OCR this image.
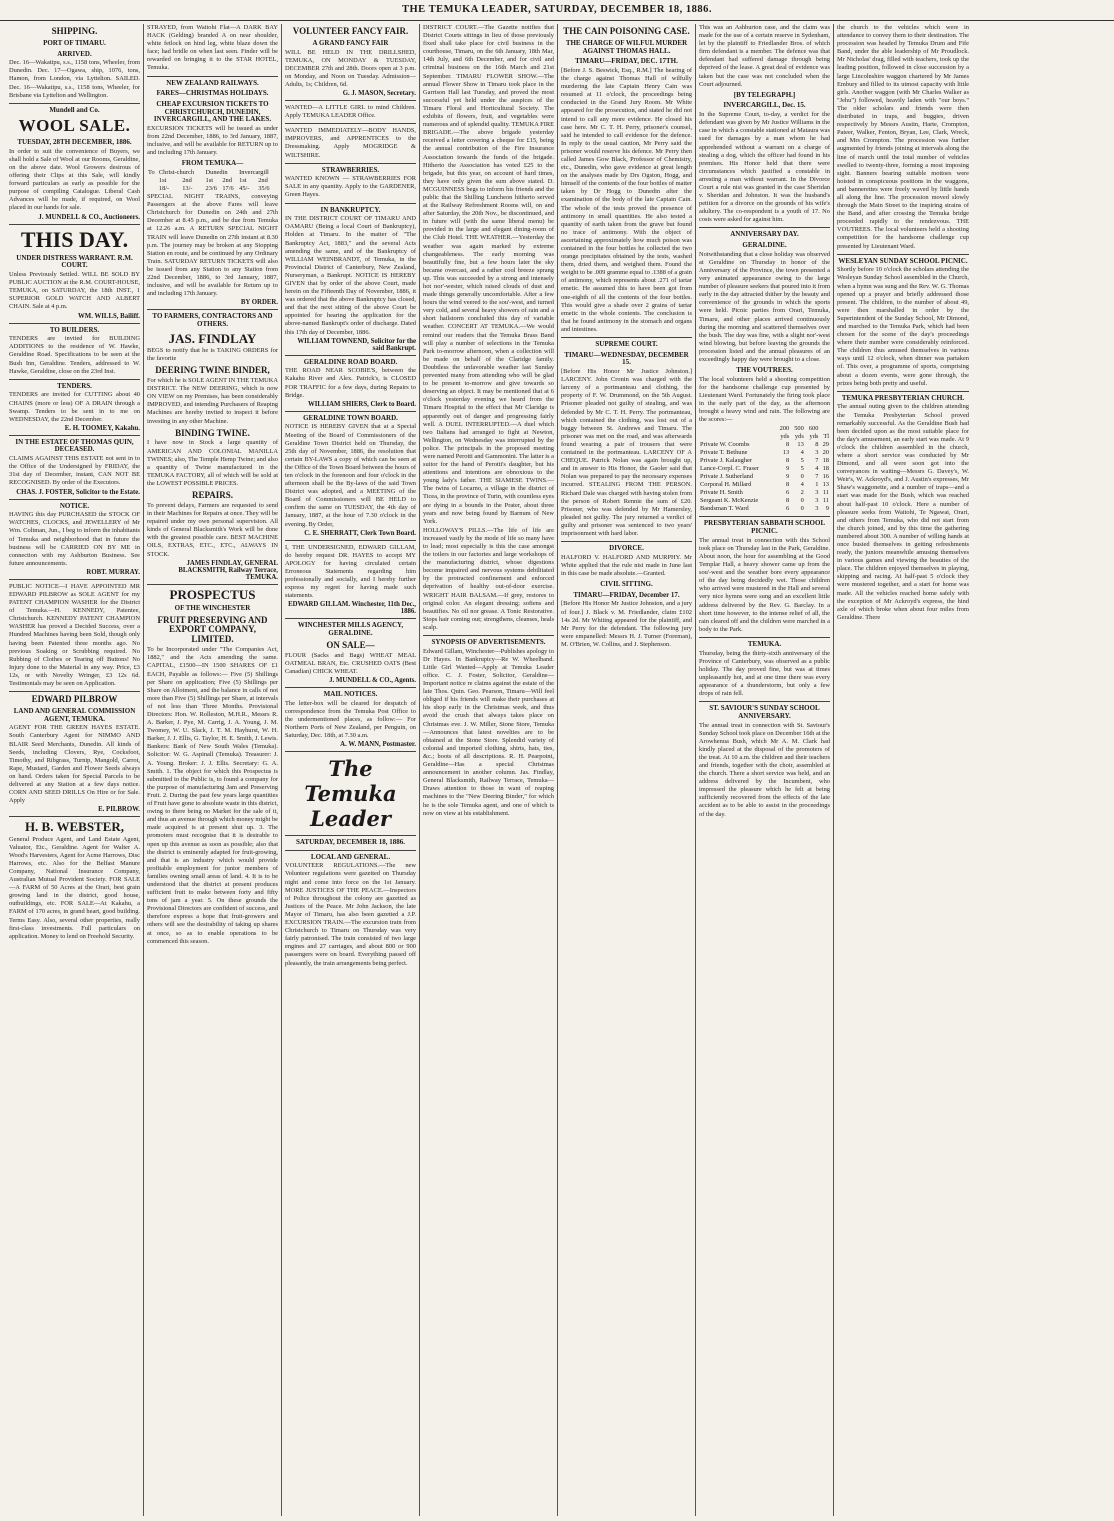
THE TEMUKA LEADER, SATURDAY, DECEMBER 18, 1886.
SHIPPING.
PORT OF TIMARU.
ARRIVED.

Dec. 16—Wakatipu, s.s., 1158 tons, Wheeler, from Dunedin. Dec. 17—Ogawa, ship, 1076, tons, Hamon, from London, via Lyttelton. SAILED. Dec. 16—Wakatipu, s.s., 1158 tons, Wheeler, for Brisbane via Lyttelton and Wellington.

Mundell and Co.
WOOL SALE.
TUESDAY, 28TH DECEMBER, 1886.

In order to suit the convenience of Buyers, we shall hold a Sale of Wool at our Rooms, Geraldine, on the above date. Wool Growers desirous of offering their Clips at this Sale, will kindly forward particulars as early as possible for the purpose of compiling Catalogue. Liberal Cash Advances will be made, if required, on Wool placed in our hands for sale.

J. MUNDELL & CO., Auctioneers.
THIS DAY.
UNDER DISTRESS WARRANT. R.M. COURT.

Unless Previously Settled. WILL BE SOLD BY PUBLIC AUCTION at the R.M. COURT-HOUSE, TEMUKA, on SATURDAY, the 18th INST., 1 SUPERIOR GOLD WATCH AND ALBERT CHAIN. Sale at 4 p.m.

WM. WILLS, Bailiff.
TO BUILDERS.

TENDERS are invited for BUILDING ADDITIONS to the residence of W. Hawke, Geraldine Road. Specifications to be seen at the Bush Inn, Geraldine. Tenders, addressed to W. Hawke, Geraldine, close on the 23rd Inst.

TENDERS.

TENDERS are invited for CUTTING about 40 CHAINS (more or less) OF A DRAIN through a Swamp. Tenders to be sent in to me on WEDNESDAY, the 22nd December.

E. H. TOOMEY, Kakahu.
IN THE ESTATE OF THOMAS QUIN, DECEASED.

CLAIMS AGAINST THIS ESTATE not sent in to the Office of the Undersigned by FRIDAY, the 31st day of December, instant, CAN NOT BE RECOGNISED. By order of the Executors.

CHAS. J. FOSTER, Solicitor to the Estate.
NOTICE.

HAVING this day PURCHASED the STOCK OF WATCHES, CLOCKS, and JEWELLERY of Mr Wm. Coltman, Jun., I beg to inform the inhabitants of Temuka and neighborhood that in future the business will be CARRIED ON BY ME in connection with my Ashburton Business. See future announcements.

ROBT. MURRAY.

PUBLIC NOTICE—I HAVE APPOINTED MR EDWARD PILBROW as SOLE AGENT for my PATENT CHAMPION WASHER for the District of Temuka.—H. KENNEDY, Patentee, Christchurch. KENNEDY PATENT CHAMPION WASHER has proved a Decided Success, over a Hundred Machines having been Sold, though only having been Patented three months ago. No previous Soaking or Scrubbing required. No Rubbing of Clothes or Tearing off Buttons! No Injury done to the Material in any way. Price, £3 12s, or with Novelty Wringer, £3 12s 6d. Testimonials may be seen on Application.

EDWARD PILBROW
LAND AND GENERAL COMMISSION AGENT, TEMUKA.

AGENT FOR THE GREEN HAYES ESTATE. South Canterbury Agent for NIMMO AND BLAIR Seed Merchants, Dunedin. All kinds of Seeds, including Clovers, Rye, Cocksfoot, Timothy, and Ribgrass, Turnip, Mangold, Carrot, Rape, Mustard, Garden and Flower Seeds always on hand. Orders taken for Special Parcels to be delivered at any Station at a few days notice. CORN AND SEED DRILLS On Hire or for Sale. Apply

E. PILBROW.
H. B. WEBSTER,

General Produce Agent, and Land Estate Agent, Valuator, Etc., Geraldine. Agent for Walter A. Wood's Harvesters, Agent for Acme Harrows, Disc Harrows, etc. Also for the Belfast Manure Company, National Insurance Company, Australian Mutual Provident Society. FOR SALE—A FARM of 50 Acres at the Orari, best grain growing land in the district, good house, outbuildings, etc. FOR SALE—At Kakahu, a FARM of 170 acres, in grand heart, good building. Terms Easy. Also, several other properties, really first-class investments. Full particulars on application. Money to lend on Freehold Security.

STRAYED, from Waitohi Flat—A DARK BAY HACK (Gelding) branded A on near shoulder, white fetlock on hind leg, white blaze down the face; had bridle on when last seen. Finder will be rewarded on bringing it to the STAR HOTEL, Temuka.

NEW ZEALAND RAILWAYS.
FARES—CHRISTMAS HOLIDAYS.
CHEAP EXCURSION TICKETS TO CHRISTCHURCH, DUNEDIN, INVERCARGILL, AND THE LAKES.

EXCURSION TICKETS will be issued as under from 22nd December, 1886, to 3rd January, 1887, inclusive, and will be available for RETURN up to and including 17th January.

FROM TEMUKA—
To	Christ-church		Dunedin		Invercargill	
	1st	2nd	1st	2nd	1st	2nd
	18/-	13/-	23/6	17/6	45/-	35/6

SPECIAL NIGHT TRAINS, conveying Passengers at the above Fares will leave Christchurch for Dunedin on 24th and 27th December at 8.45 p.m., and be due from Temuka at 12.26 a.m. A RETURN SPECIAL NIGHT TRAIN will leave Dunedin on 27th instant at 8.30 p.m. The journey may be broken at any Stopping Station en route, and be continued by any Ordinary Train. SATURDAY RETURN TICKETS will also be issued from any Station to any Station from 22nd December, 1886, to 3rd January, 1887, inclusive, and will be available for Return up to and including 17th January.

BY ORDER.
TO FARMERS, CONTRACTORS AND OTHERS.
JAS. FINDLAY

BEGS to notify that he is TAKING ORDERS for the favorite

DEERING TWINE BINDER,

For which he is SOLE AGENT IN THE TEMUKA DISTRICT. The NEW DEERING, which is now ON VIEW on my Premises, has been considerably IMPROVED, and intending Purchasers of Reaping Machines are hereby invited to inspect it before investing in any other Machine.

BINDING TWINE.

I have now in Stock a large quantity of AMERICAN AND COLONIAL MANILLA TWINES; also, The Temple Hemp Twine; and also a quantity of Twine manufactured in the TEMUKA FACTORY, all of which will be sold at the LOWEST POSSIBLE PRICES.

REPAIRS.

To prevent delays, Farmers are requested to send in their Machines for Repairs at once. They will be repaired under my own personal supervision. All kinds of General Blacksmith's Work will be done with the greatest possible care. BEST MACHINE OILS, EXTRAS, ETC., ETC., ALWAYS IN STOCK.

JAMES FINDLAY, GENERAL BLACKSMITH, Railway Terrace, TEMUKA.
PROSPECTUS
OF THE WINCHESTER
FRUIT PRESERVING AND EXPORT COMPANY, LIMITED.

To be Incorporated under "The Companies Act, 1882," and the Acts amending the same. CAPITAL, £1500—IN 1500 SHARES OF £1 EACH, Payable as follows:— Five (5) Shillings per Share on application; Five (5) Shillings per Share on Allotment, and the balance in calls of not more than Five (5) Shillings per Share, at intervals of not less than Three Months. Provisional Directors: Hon. W. Rolleston, M.H.R., Messrs R. A. Barker, J. Pye, M. Carrig, J. A. Young, J. M. Twomey, W. U. Slack, J. T. M. Hayhurst, W. H. Barker, J. J. Ellis, G. Taylor, H. E. Smith, J. Lewis. Bankers: Bank of New South Wales (Temuka). Solicitor: W. G. Aspinall (Temuka). Treasurer: J. A. Young. Broker: J. J. Ellis. Secretary: G. A. Smith. 1. The object for which this Prospectus is submitted to the Public is, to found a company for the purpose of manufacturing Jam and Preserving Fruit. 2. During the past few years large quantities of Fruit have gone to absolute waste in this district, owing to there being no Market for the sale of it, and thus an avenue through which money might be made acquired is at present shut up. 3. The promoters must recognise that it is desirable to open up this avenue as soon as possible; also that the district is eminently adapted for fruit-growing, and that is an industry which would provide profitable employment for junior members of families owning small areas of land. 4. It is to be understood that the district at present produces sufficient fruit to make between forty and fifty tons of jam a year. 5. On these grounds the Provisional Directors are confident of success, and therefore express a hope that fruit-growers and others will see the desirability of taking up shares at once, so as to enable operations to be commenced this season.

VOLUNTEER FANCY FAIR.
A GRAND FANCY FAIR

WILL BE HELD IN THE DRILLSHED, TEMUKA, ON MONDAY & TUESDAY, DECEMBER 27th and 28th. Doors open at 3 p.m. on Monday, and Noon on Tuesday. Admission—Adults, 1s; Children, 6d.

G. J. MASON, Secretary.

WANTED—A LITTLE GIRL to mind Children. Apply TEMUKA LEADER Office.

WANTED IMMEDIATELY—BODY HANDS, IMPROVERS, and APPRENTICES to the Dressmaking. Apply MOGRIDGE & WILTSHIRE.

STRAWBERRIES.

WANTED KNOWN — STRAWBERRIES FOR SALE in any quantity. Apply to the GARDENER, Green Hayes.

IN BANKRUPTCY.

IN THE DISTRICT COURT OF TIMARU AND OAMARU (Being a local Court of Bankruptcy), Holden at Timaru. In the matter of "The Bankruptcy Act, 1883," and the several Acts amending the same, and of the Bankruptcy of WILLIAM WEINBRANDT, of Temuka, in the Provincial District of Canterbury, New Zealand, Nurseryman, a Bankrupt. NOTICE IS HEREBY GIVEN that by order of the above Court, made herein on the Fifteenth Day of November, 1886, it was ordered that the above Bankruptcy has closed, and that the next sitting of the above Court be appointed for hearing the application for the above-named Bankrupt's order of discharge. Dated this 17th day of December, 1886.

WILLIAM TOWNEND, Solicitor for the said Bankrupt.
GERALDINE ROAD BOARD.

THE ROAD NEAR SCOBIE'S, between the Kakahu River and Alex. Patrick's, is CLOSED FOR TRAFFIC for a few days, during Repairs to Bridge.

WILLIAM SHIERS, Clerk to Board.
GERALDINE TOWN BOARD.

NOTICE IS HEREBY GIVEN that at a Special Meeting of the Board of Commissioners of the Geraldine Town District held on Thursday, the 25th day of November, 1886, the resolution that certain BY-LAWS a copy of which can be seen at the Office of the Town Board between the hours of ten o'clock in the forenoon and four o'clock in the afternoon shall be the By-laws of the said Town District was adopted, and a MEETING of the Board of Commissioners will BE HELD to confirm the same on TUESDAY, the 4th day of January, 1887, at the hour of 7.30 o'clock in the evening. By Order,

C. E. SHERRATT, Clerk Town Board.

I, THE UNDERSIGNED, EDWARD GILLAM, do hereby request DR. HAYES to accept MY APOLOGY for having circulated certain Erroneous Statements regarding him professionally and socially, and I hereby further express my regret for having made such statements.

EDWARD GILLAM. Winchester, 11th Dec., 1886.
WINCHESTER MILLS AGENCY, GERALDINE.
ON SALE—

FLOUR (Sacks and Bags) WHEAT MEAL OATMEAL BRAN, Etc. CRUSHED OATS (Best Canadian) CHICK WHEAT.

J. MUNDELL & CO., Agents.
MAIL NOTICES.

The letter-box will be cleared for despatch of correspondence from the Temuka Post Office to the undermentioned places, as follow:— For Northern Ports of New Zealand, per Penguin, on Saturday, Dec. 18th, at 7.30 a.m.

A. W. MANN, Postmaster.
The Temuka Leader
SATURDAY, DECEMBER 18, 1886.
LOCAL AND GENERAL.

VOLUNTEER REGULATIONS.—The new Volunteer regulations were gazetted on Thursday night and come into force on the 1st January. MORE JUSTICES OF THE PEACE.—Inspectors of Police throughout the colony are gazetted as Justices of the Peace. Mr John Jackson, the late Mayor of Timaru, has also been gazetted a J.P. EXCURSION TRAIN.—The excursion train from Christchurch to Timaru on Thursday was very fairly patronised. The train consisted of two large engines and 27 carriages, and about 800 or 900 passengers were on board. Everything passed off pleasantly, the train arrangements being perfect.

DISTRICT COURT.—The Gazette notifies that District Courts sittings in lieu of those previously fixed shall take place for civil business in the courthouse, Timaru, on the 6th January, 18th Mar, 14th July, and 6th December, and for civil and criminal business on the 16th March and 21st September. TIMARU FLOWER SHOW.—The annual Flower Show in Timaru took place in the Garrison Hall last Tuesday, and proved the most successful yet held under the auspices of the Timaru Floral and Horticultural Society. The exhibits of flowers, fruit, and vegetables were numerous and of splendid quality. TEMUKA FIRE BRIGADE.—The above brigade yesterday received a letter covering a cheque for £15, being the annual contribution of the Fire Insurance Association towards the funds of the brigade. Hitherto the Association has voted £25 to the brigade, but this year, on account of hard times, they have only given the sum above stated. D. MCGUINNESS begs to inform his friends and the public that the Shilling Luncheon hitherto served at the Railway Refreshment Rooms will, on and after Saturday, the 20th Nov., be discontinued, and in future will (with the same liberal menu) be provided in the large and elegant dining-room of the Club Hotel. THE WEATHER.—Yesterday the weather was again marked by extreme changeableness. The early morning was beautifully fine, but a few hours later the sky became overcast, and a rather cool breeze sprang up. This was succeeded by a strong and intensely hot nor'-wester, which raised clouds of dust and made things generally uncomfortable. After a few hours the wind veered to the sou'-west, and turned very cold, and several heavy showers of rain and a short hailstorm concluded this day of variable weather. CONCERT AT TEMUKA.—We would remind our readers that the Temuka Brass Band will play a number of selections in the Temuka Park to-morrow afternoon, when a collection will be made on behalf of the Claridge family. Doubtless the unfavorable weather last Sunday prevented many from attending who will be glad to be present to-morrow and give towards so deserving an object. It may be mentioned that at 6 o'clock yesterday evening we heard from the Timaru Hospital to the effect that Mr Claridge is apparently out of danger and progressing fairly well. A DUEL INTERRUPTED.—A duel which two Italians had arranged to fight at Newton, Wellington, on Wednesday was interrupted by the police. The principals in the proposed meeting were named Perotti and Gammonini. The latter is a suitor for the hand of Perotti's daughter, but his attentions and intentions are obnoxious to the young lady's father. THE SIAMESE TWINS.—The twins of Locarno, a village in the district of Ticea, in the province of Turin, with countless eyes are dying in a bounds in the Prater, about three years and now being found by Barnum of New York.

HOLLOWAY'S PILLS.—The life of life are increased vastly by the mode of life so many have to lead; most especially is this the case amongst the toilers in our factories and large workshops of the manufacturing district, whose digestions become impaired and nervous systems debilitated by the protracted confinement and enforced deprivation of healthy out-of-door exercise. WRIGHT HAIR BALSAM.—If grey, restores to original color. An elegant dressing; softens and beautifies. No oil nor grease. A Tonic Restorative. Stops hair coming out; strengthens, cleanses, heals scalp.

SYNOPSIS OF ADVERTISEMENTS.

Edward Gillam, Winchester—Publishes apology to Dr Hayes. In Bankruptcy—Re W. Wheelband. Little Girl Wanted—Apply at Temuka Leader office. C. J. Foster, Solicitor, Geraldine—Important notice re claims against the estate of the late Thos. Quin. Geo. Pearson, Timaru—Will feel obliged if his friends will make their purchases at his shop early in the Christmas week, and thus avoid the crush that always takes place on Christmas eve. J. W. Miller, Stone Store, Temuka—Announces that latest novelties are to be obtained at the Stone Store. Splendid variety of colonial and imported clothing, shirts, hats, ties, &c.; boots of all descriptions. R. H. Pearpoint, Geraldine—Has a special Christmas announcement in another column. Jas. Findlay, General Blacksmith, Railway Terrace, Temuka—Draws attention to those in want of reaping machines to the "New Deering Binder," for which he is the sole Temuka agent, and one of which is now on view at his establishment.

THE CAIN POISONING CASE.
THE CHARGE OF WILFUL MURDER AGAINST THOMAS HALL.
TIMARU—FRIDAY, DEC. 17TH.

[Before J. S. Beswick, Esq., R.M.] The hearing of the charge against Thomas Hall of wilfully murdering the late Captain Henry Cain was resumed at 11 o'clock, the proceedings being conducted in the Grand Jury Room. Mr White appeared for the prosecution, and stated he did not intend to call any more evidence. He closed his case here. Mr C. T. H. Perry, prisoner's counsel, said he intended to call evidence for the defence. In reply to the usual caution, Mr Perry said the prisoner would reserve his defence. Mr Perry then called James Gow Black, Professor of Chemistry, etc., Dunedin, who gave evidence at great length on the analyses made by Drs Ogston, Hogg, and himself of the contents of the four bottles of matter taken by Dr Hogg to Dunedin after the examination of the body of the late Captain Cain. The whole of the tests proved the presence of antimony in small quantities. He also tested a quantity of earth taken from the grave but found no trace of antimony. With the object of ascertaining approximately how much poison was contained in the four bottles he collected the two orange precipitates obtained by the tests, washed them, dried them, and weighed them. Found the weight to be .009 gramme equal to .1388 of a grain of antimony, which represents about .271 of tartar emetic. He assumed this to have been got from one-eighth of all the contents of the four bottles. This would give a shade over 2 grains of tartar emetic in the whole contents. The conclusion is that he found antimony in the stomach and organs and intestines.

SUPREME COURT.
TIMARU—WEDNESDAY, DECEMBER 15.

[Before His Honor Mr Justice Johnston.] LARCENY. John Cronin was charged with the larceny of a portmanteau and clothing, the property of F. W. Drummond, on the 5th August. Prisoner pleaded not guilty of stealing, and was defended by Mr C. T. H. Perry. The portmanteau, which contained the clothing, was lost out of a buggy between St. Andrews and Timaru. The prisoner was met on the road, and was afterwards found wearing a pair of trousers that were contained in the portmanteau. LARCENY OF A CHEQUE. Patrick Nolan was again brought up, and in answer to His Honor, the Gaoler said that Nolan was prepared to pay the necessary expenses incurred. STEALING FROM THE PERSON. Richard Dale was charged with having stolen from the person of Robert Rennie the sum of £20. Prisoner, who was defended by Mr Hamersley, pleaded not guilty. The jury returned a verdict of guilty and prisoner was sentenced to two years' imprisonment with hard labor.

DIVORCE.

HALFORD V. HALFORD AND MURPHY. Mr White applied that the rule nisi made in June last in this case be made absolute.—Granted.

CIVIL SITTING.
TIMARU—FRIDAY, December 17.

[Before His Honor Mr Justice Johnston, and a jury of four.] J. Black v. M. Friedlander, claim £102 14s 2d. Mr Whiting appeared for the plaintiff, and Mr Perry for the defendant. The following jury were empanelled: Messrs H. J. Turner (Foreman), M. O'Brien, W. Collins, and J. Stephenson.

This was an Ashburton case, and the claim was made for the use of a certain reserve in Sydenham, let by the plaintiff to Friedlander Bros. of which firm defendant is a member. The defence was that defendant had suffered damage through being deprived of the lease. A great deal of evidence was taken but the case was not concluded when the Court adjourned.

[BY TELEGRAPH.]
INVERCARGILL, Dec. 15.

In the Supreme Court, to-day, a verdict for the defendant was given by Mr Justice Williams in the case in which a constable stationed at Mataura was sued for damages by a man whom he had apprehended without a warrant on a charge of stealing a dog, which the officer had found in his premises. His Honor held that there were circumstances which justified a constable in arresting a man without warrant. In the Divorce Court a rule nisi was granted in the case Sheridan v. Sheridan and Johnston. It was the husband's petition for a divorce on the grounds of his wife's adultery. The co-respondent is a youth of 17. No costs were asked for against him.

ANNIVERSARY DAY.
GERALDINE.

Notwithstanding that a close holiday was observed at Geraldine on Thursday in honor of the Anniversary of the Province, the town presented a very animated appearance owing to the large number of pleasure seekers that poured into it from early in the day attracted thither by the beauty and convenience of the grounds in which the sports were held. Picnic parties from Orari, Temuka, Timaru, and other places arrived continuously during the morning and scattered themselves over the bush. The day was fine, with a slight nor'-west wind blowing, but before leaving the grounds the procession listed and the annual pleasures of an exceedingly happy day were brought to a close.

THE VOUTREES.

The local volunteers held a shooting competition for the handsome challenge cup presented by Lieutenant Ward. Fortunately the firing took place in the early part of the day, as the afternoon brought a heavy wind and rain. The following are the scores:—

	200	500	600	
	yds	yds	yds	Tl
Private W. Coombs	8	13	8	29
Private T. Bethune	13	4	3	20
Private J. Kalaugher	8	5	7	18
Lance-Corpl. C. Fraser	9	5	4	18
Private J. Sutherland	9	0	7	16
Corporal H. Millard	8	4	1	13
Private H. Smith	6	2	3	11
Sergeant K. McKenzie	8	0	3	11
Bandsman T. Ward	6	0	3	9
PRESBYTERIAN SABBATH SCHOOL PICNIC.

The annual treat in connection with this School took place on Thursday last in the Park, Geraldine. About noon, the hour for assembling at the Good Templar Hall, a heavy shower came up from the sou'-west and the weather bore every appearance of the day being decidedly wet. Those children who arrived were mustered in the Hall and several very nice hymns were sung and an excellent little address delivered by the Rev. G. Barclay. In a short time however, to the intense relief of all, the rain cleared off and the children were marched in a body to the Park.

TEMUKA.

Thursday, being the thirty-sixth anniversary of the Province of Canterbury, was observed as a public holiday. The day proved fine, but was at times unpleasantly hot, and at one time there was every appearance of a thunderstorm, but only a few drops of rain fell.

ST. SAVIOUR'S SUNDAY SCHOOL ANNIVERSARY.

The annual treat in connection with St. Saviour's Sunday School took place on December 16th at the Arowhenua Bush, which Mr A. M. Clark had kindly placed at the disposal of the promoters of the treat. At 10 a.m. the children and their teachers and friends, together with the choir, assembled at the church. There a short service was held, and an address delivered by the Incumbent, who impressed the pleasure which he felt at being sufficiently recovered from the effects of the late accident as to be able to assist in the proceedings of the day.

the church to the vehicles which were in attendance to convey them to their destination. The procession was headed by Temuka Drum and Fife Band, under the able leadership of Mr Proudlock. Mr Nicholas' drag, filled with teachers, took up the leading position, followed in close succession by a large Lincolnshire waggon chartered by Mr James Embury and filled to its utmost capacity with little girls. Another waggon (with Mr Charles Walker as "Jehu") followed, heavily laden with "our boys." The older scholars and friends were then distributed in traps, and buggies, driven respectively by Messrs Austin, Harte, Crompton, Pateer, Walker, Fenton, Bryan, Lee, Clark, Wreck, and Mrs Crompton. The procession was further augmented by friends joining at intervals along the line of march until the total number of vehicles swelled to twenty-three, forming a most imposing sight. Banners bearing suitable mottoes were hoisted in conspicuous positions in the waggons, and bannerettes were freely waved by little hands all along the line. The procession moved slowly through the Main Street to the inspiring strains of the Band, and after crossing the Temuka bridge proceeded rapidly to the rendezvous. THE VOUTREES. The local volunteers held a shooting competition for the handsome challenge cup presented by Lieutenant Ward.

WESLEYAN SUNDAY SCHOOL PICNIC.

Shortly before 10 o'clock the scholars attending the Wesleyan Sunday School assembled in the Church, when a hymn was sung and the Rev. W. G. Thomas opened up a prayer and briefly addressed those present. The children, to the number of about 49, were then marshalled in order by the Superintendent of the Sunday School, Mr Dimond, and marched to the Temuka Park, which had been chosen for the scene of the day's proceedings where their number were considerably reinforced. The children thus amused themselves in various ways until 12 o'clock, when dinner was partaken of. This over, a programme of sports, comprising about a dozen events, were gone through, the prizes being both pretty and useful.

TEMUKA PRESBYTERIAN CHURCH.

The annual outing given to the children attending the Temuka Presbyterian School proved remarkably successful. As the Geraldine Bush had been decided upon as the most suitable place for the day's amusement, an early start was made. At 9 o'clock the children assembled in the church, where a short service was conducted by Mr Dimond, and all were soon got into the conveyances in waiting—Messrs G. Davey's, W. Weir's, W. Ackroyd's, and J. Austin's expresses, Mr Shaw's waggonette, and a number of traps—and a start was made for the Bush, which was reached about half-past 10 o'clock. Here a number of pleasure seeks from Waitohi, Te Ngawai, Orari, and others from Temuka, who did not start from the church joined, and by this time the gathering numbered about 300. A number of willing hands at once busied themselves in getting refreshments ready, the juniors meanwhile amusing themselves in various games and viewing the beauties of the place. The children enjoyed themselves in playing, skipping and racing. At half-past 5 o'clock they were mustered together, and a start for home was made. All the vehicles reached home safely with the exception of Mr Ackroyd's express, the hind axle of which broke when about four miles from Geraldine. There
